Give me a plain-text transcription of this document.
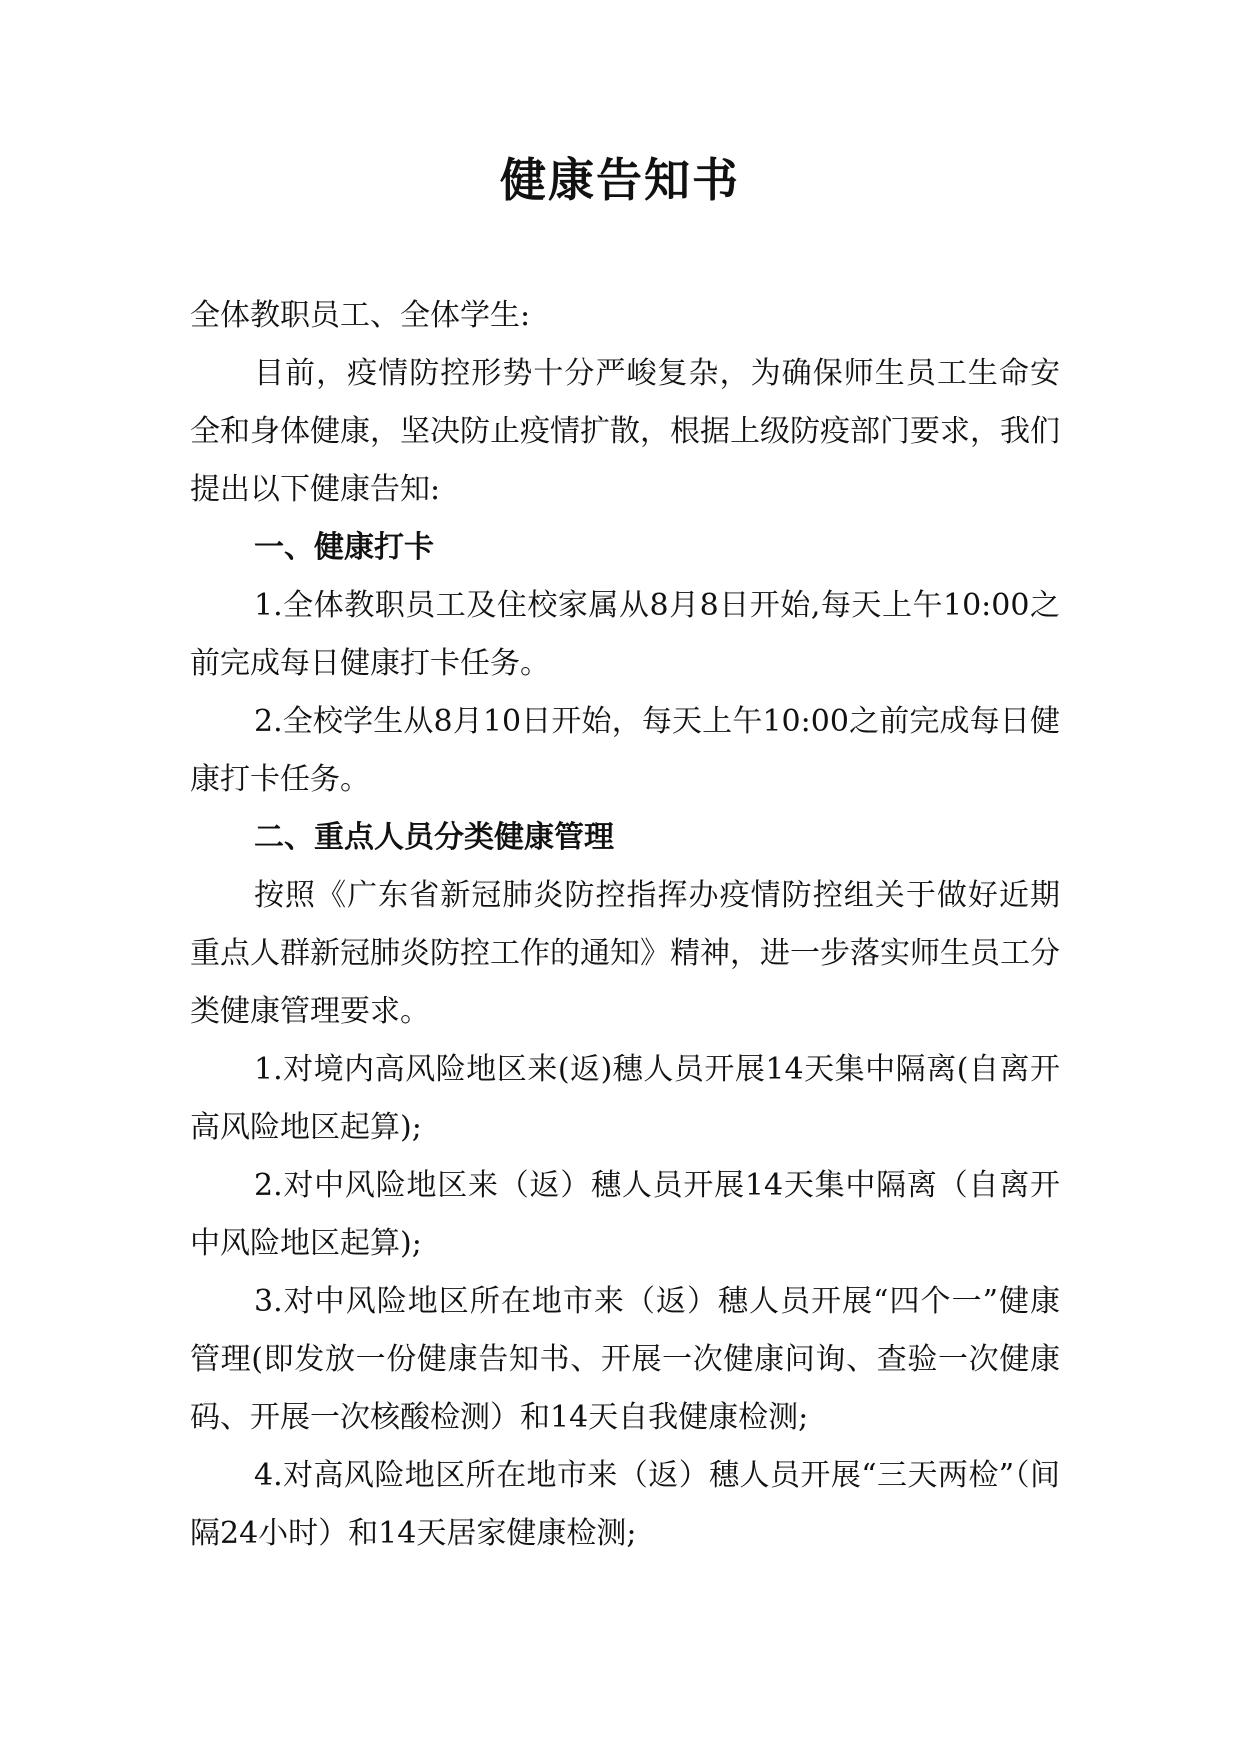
健康告知书

全体教职员工、全体学生:

目前，疫情防控形势十分严峻复杂，为确保师生员工生命安全和身体健康，坚决防止疫情扩散，根据上级防疫部门要求，我们提出以下健康告知:

一、健康打卡

1.全体教职员工及住校家属从8月8日开始,每天上午10:00之前完成每日健康打卡任务。

2.全校学生从8月10日开始，每天上午10:00之前完成每日健康打卡任务。

二、重点人员分类健康管理

按照《广东省新冠肺炎防控指挥办疫情防控组关于做好近期重点人群新冠肺炎防控工作的通知》精神，进一步落实师生员工分类健康管理要求。

1.对境内高风险地区来(返)穗人员开展14天集中隔离(自离开高风险地区起算);

2.对中风险地区来（返）穗人员开展14天集中隔离（自离开中风险地区起算);

3.对中风险地区所在地市来（返）穗人员开展“四个一”健康管理(即发放一份健康告知书、开展一次健康问询、查验一次健康码、开展一次核酸检测）和14天自我健康检测;

4.对高风险地区所在地市来（返）穗人员开展“三天两检”（间隔24小时）和14天居家健康检测;
